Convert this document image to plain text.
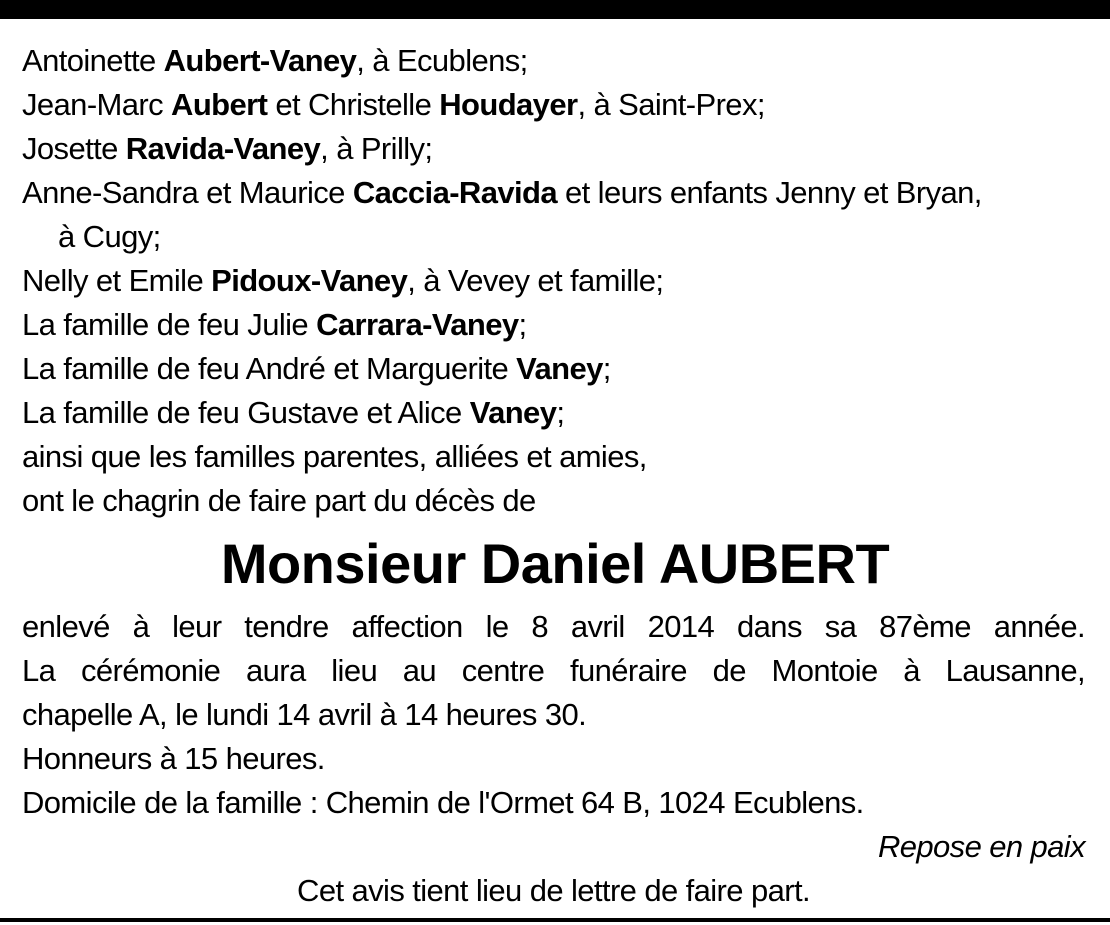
Antoinette Aubert-Vaney, à Ecublens;
Jean-Marc Aubert et Christelle Houdayer, à Saint-Prex;
Josette Ravida-Vaney, à Prilly;
Anne-Sandra et Maurice Caccia-Ravida et leurs enfants Jenny et Bryan,
à Cugy;
Nelly et Emile Pidoux-Vaney, à Vevey et famille;
La famille de feu Julie Carrara-Vaney;
La famille de feu André et Marguerite Vaney;
La famille de feu Gustave et Alice Vaney;
ainsi que les familles parentes, alliées et amies,
ont le chagrin de faire part du décès de
Monsieur Daniel AUBERT
enlevé à leur tendre affection le 8 avril 2014 dans sa 87ème année.
La cérémonie aura lieu au centre funéraire de Montoie à Lausanne,
chapelle A, le lundi 14 avril à 14 heures 30.
Honneurs à 15 heures.
Domicile de la famille : Chemin de l'Ormet 64 B, 1024 Ecublens.
Repose en paix
Cet avis tient lieu de lettre de faire part.
